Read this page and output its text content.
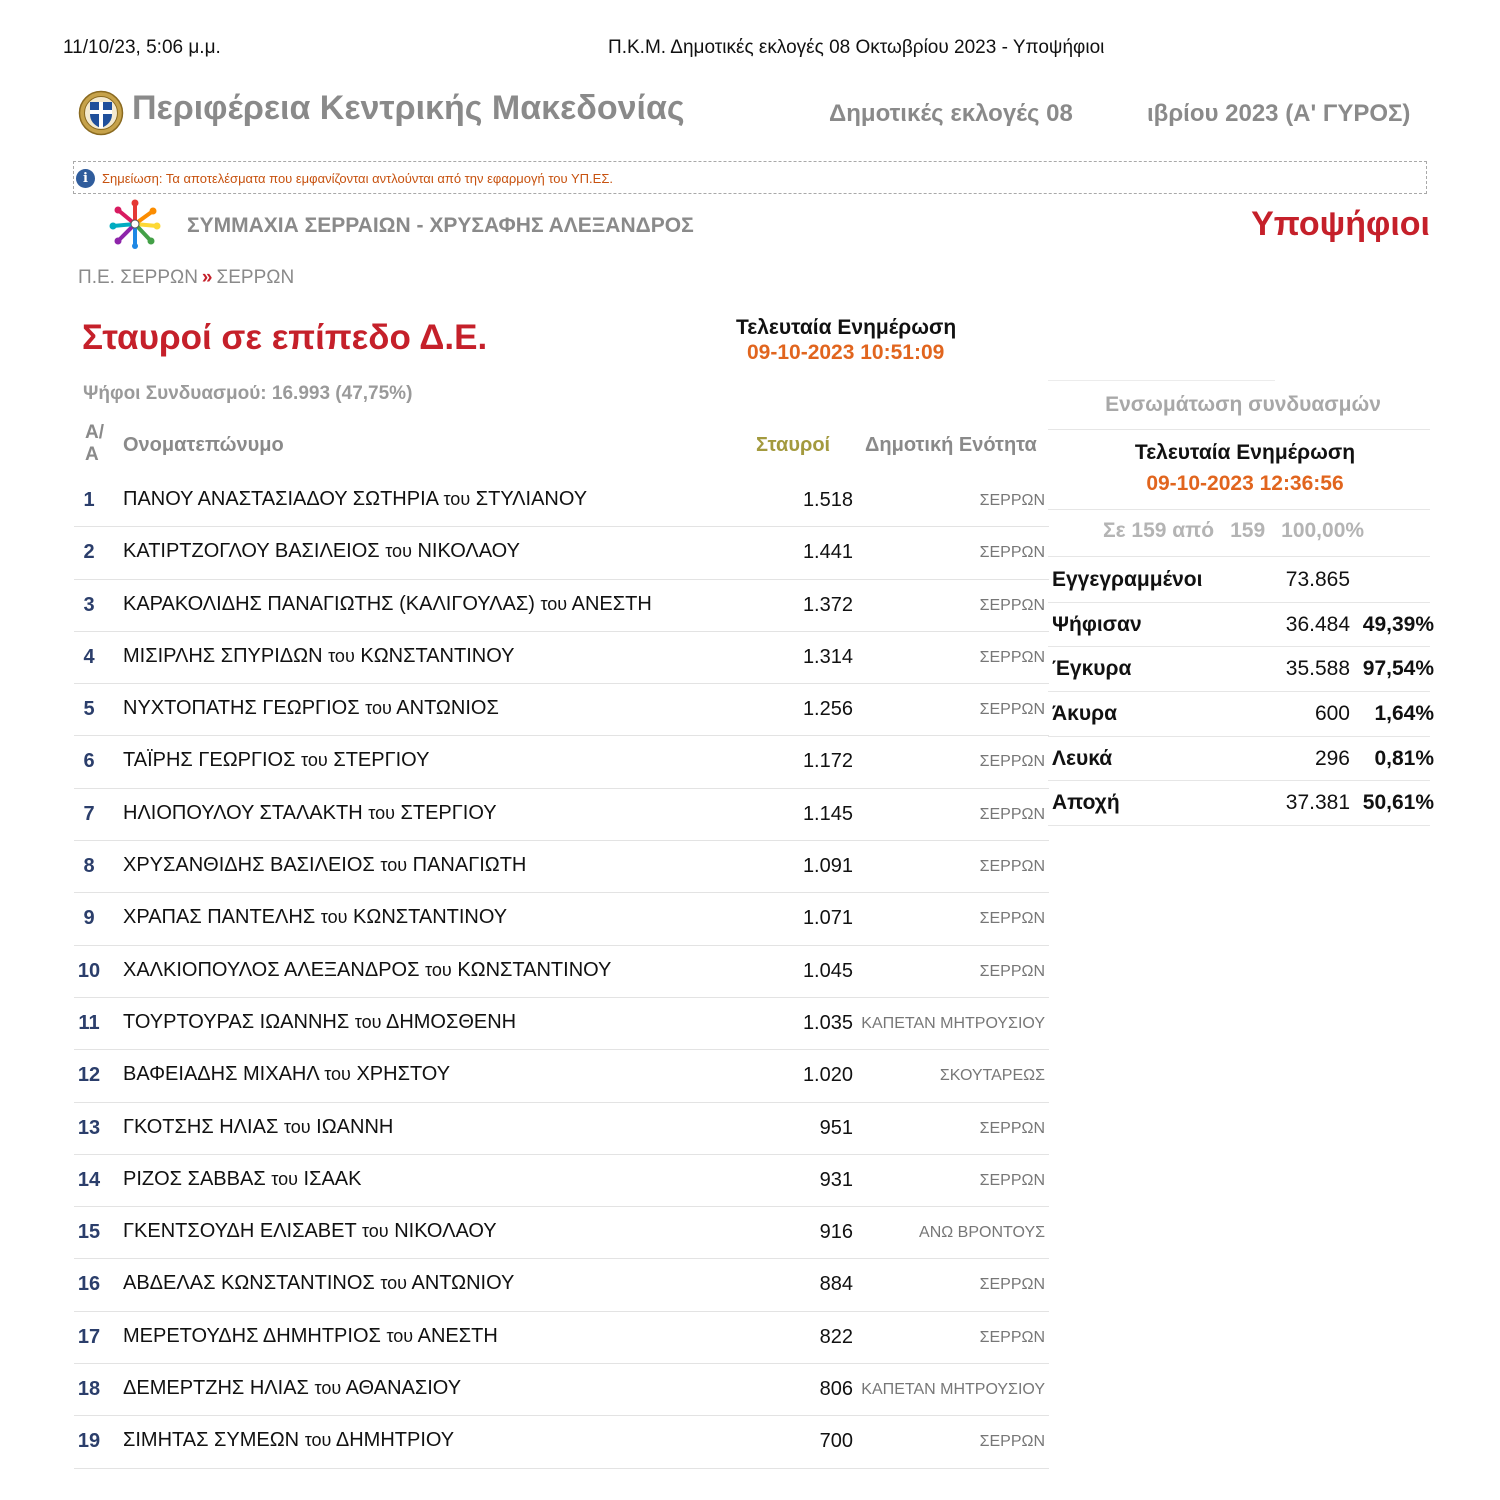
11/10/23, 5:06 μ.μ.	Π.Κ.Μ. Δημοτικές εκλογές 08 Οκτωβρίου 2023 - Υποψήφιοι
Περιφέρεια Κεντρικής Μακεδονίας	Δημοτικές εκλογές 08	ιβρίου 2023 (Α' ΓΥΡΟΣ)
i	Σημείωση: Τα αποτελέσματα που εμφανίζονται αντλούνται από την εφαρμογή του ΥΠ.ΕΣ.
ΣΥΜΜΑΧΙΑ ΣΕΡΡΑΙΩΝ - ΧΡΥΣΑΦΗΣ ΑΛΕΞΑΝΔΡΟΣ	Υποψήφιοι
Π.Ε. ΣΕΡΡΩΝ » ΣΕΡΡΩΝ
Σταυροί σε επίπεδο Δ.Ε.	Τελευταία Ενημέρωση
09-10-2023 10:51:09
Ψήφοι Συνδυασμού: 16.993 (47,75%)
Α/
Α Ονοματεπώνυμο	Σταυροί Δημοτική Ενότητα
1	ΠΑΝΟΥ ΑΝΑΣΤΑΣΙΑΔΟΥ ΣΩΤΗΡΙΑ του ΣΤΥΛΙΑΝΟΥ	1.518	ΣΕΡΡΩΝ
2	ΚΑΤΙΡΤΖΟΓΛΟΥ ΒΑΣΙΛΕΙΟΣ του ΝΙΚΟΛΑΟΥ	1.441	ΣΕΡΡΩΝ
3	ΚΑΡΑΚΟΛΙΔΗΣ ΠΑΝΑΓΙΩΤΗΣ (ΚΑΛΙΓΟΥΛΑΣ) του ΑΝΕΣΤΗ	1.372	ΣΕΡΡΩΝ
4	ΜΙΣΙΡΛΗΣ ΣΠΥΡΙΔΩΝ του ΚΩΝΣΤΑΝΤΙΝΟΥ	1.314	ΣΕΡΡΩΝ
5	ΝΥΧΤΟΠΑΤΗΣ ΓΕΩΡΓΙΟΣ του ΑΝΤΩΝΙΟΣ	1.256	ΣΕΡΡΩΝ
6	ΤΑΪΡΗΣ ΓΕΩΡΓΙΟΣ του ΣΤΕΡΓΙΟΥ	1.172	ΣΕΡΡΩΝ
7	ΗΛΙΟΠΟΥΛΟΥ ΣΤΑΛΑΚΤΗ του ΣΤΕΡΓΙΟΥ	1.145	ΣΕΡΡΩΝ
8	ΧΡΥΣΑΝΘΙΔΗΣ ΒΑΣΙΛΕΙΟΣ του ΠΑΝΑΓΙΩΤΗ	1.091	ΣΕΡΡΩΝ
9	ΧΡΑΠΑΣ ΠΑΝΤΕΛΗΣ του ΚΩΝΣΤΑΝΤΙΝΟΥ	1.071	ΣΕΡΡΩΝ
10 ΧΑΛΚΙΟΠΟΥΛΟΣ ΑΛΕΞΑΝΔΡΟΣ του ΚΩΝΣΤΑΝΤΙΝΟΥ	1.045	ΣΕΡΡΩΝ
11 ΤΟΥΡΤΟΥΡΑΣ ΙΩΑΝΝΗΣ του ΔΗΜΟΣΘΕΝΗ	1.035 ΚΑΠΕΤΑΝ ΜΗΤΡΟΥΣΙΟΥ
12 ΒΑΦΕΙΑΔΗΣ ΜΙΧΑΗΛ του ΧΡΗΣΤΟΥ	1.020	ΣΚΟΥΤΑΡΕΩΣ
13 ΓΚΟΤΣΗΣ ΗΛΙΑΣ του ΙΩΑΝΝΗ	951	ΣΕΡΡΩΝ
14 ΡΙΖΟΣ ΣΑΒΒΑΣ του ΙΣΑΑΚ	931	ΣΕΡΡΩΝ
15 ΓΚΕΝΤΣΟΥΔΗ ΕΛΙΣΑΒΕΤ του ΝΙΚΟΛΑΟΥ	916	ΑΝΩ ΒΡΟΝΤΟΥΣ
16 ΑΒΔΕΛΑΣ ΚΩΝΣΤΑΝΤΙΝΟΣ του ΑΝΤΩΝΙΟΥ	884	ΣΕΡΡΩΝ
17 ΜΕΡΕΤΟΥΔΗΣ ΔΗΜΗΤΡΙΟΣ του ΑΝΕΣΤΗ	822	ΣΕΡΡΩΝ
18 ΔΕΜΕΡΤΖΗΣ ΗΛΙΑΣ του ΑΘΑΝΑΣΙΟΥ	806 ΚΑΠΕΤΑΝ ΜΗΤΡΟΥΣΙΟΥ
19 ΣΙΜΗΤΑΣ ΣΥΜΕΩΝ του ΔΗΜΗΤΡΙΟΥ	700	ΣΕΡΡΩΝ
Ενσωμάτωση συνδυασμών
Τελευταία Ενημέρωση
09-10-2023 12:36:56
Σε 159 από 159 100,00%
Εγγεγραμμένοι	73.865
Ψήφισαν	36.484 49,39%
Έγκυρα	35.588 97,54%
Άκυρα	600 1,64%
Λευκά	296 0,81%
Αποχή	37.381 50,61%
